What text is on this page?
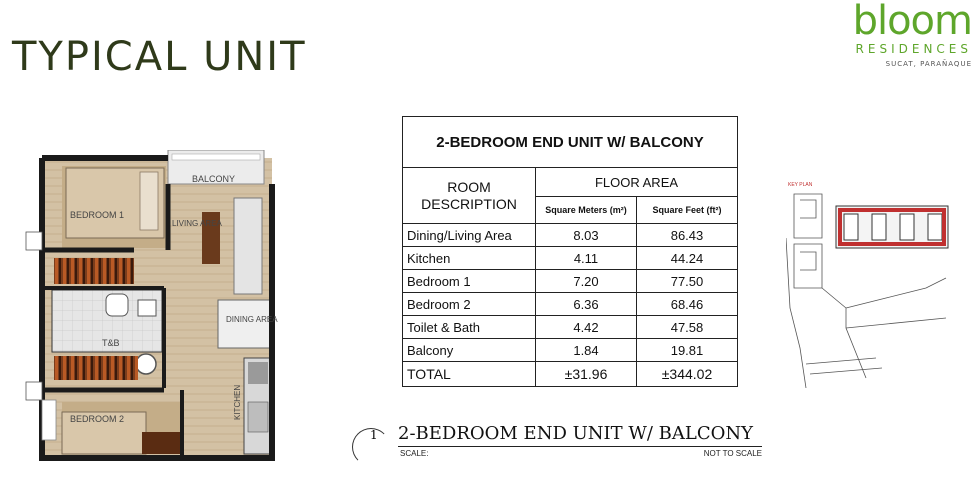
TYPICAL UNIT
bloom
RESIDENCES
SUCAT, PARAÑAQUE
BALCONY
BEDROOM 1
LIVING AREA
DINING AREA
T&B
BEDROOM 2	KITCHEN
2-BEDROOM END UNIT W/ BALCONY		
ROOM
DESCRIPTION	FLOOR AREA	
	Square Meters (m²)	Square Feet (ft²)
Dining/Living Area	8.03	86.43
Kitchen	4.11	44.24
Bedroom 1	7.20	77.50
Bedroom 2	6.36	68.46
Toilet & Bath	4.42	47.58
Balcony	1.84	19.81
TOTAL	±31.96	±344.02
1 2-BEDROOM END UNIT W/ BALCONY
SCALE:	NOT TO SCALE
KEY PLAN
